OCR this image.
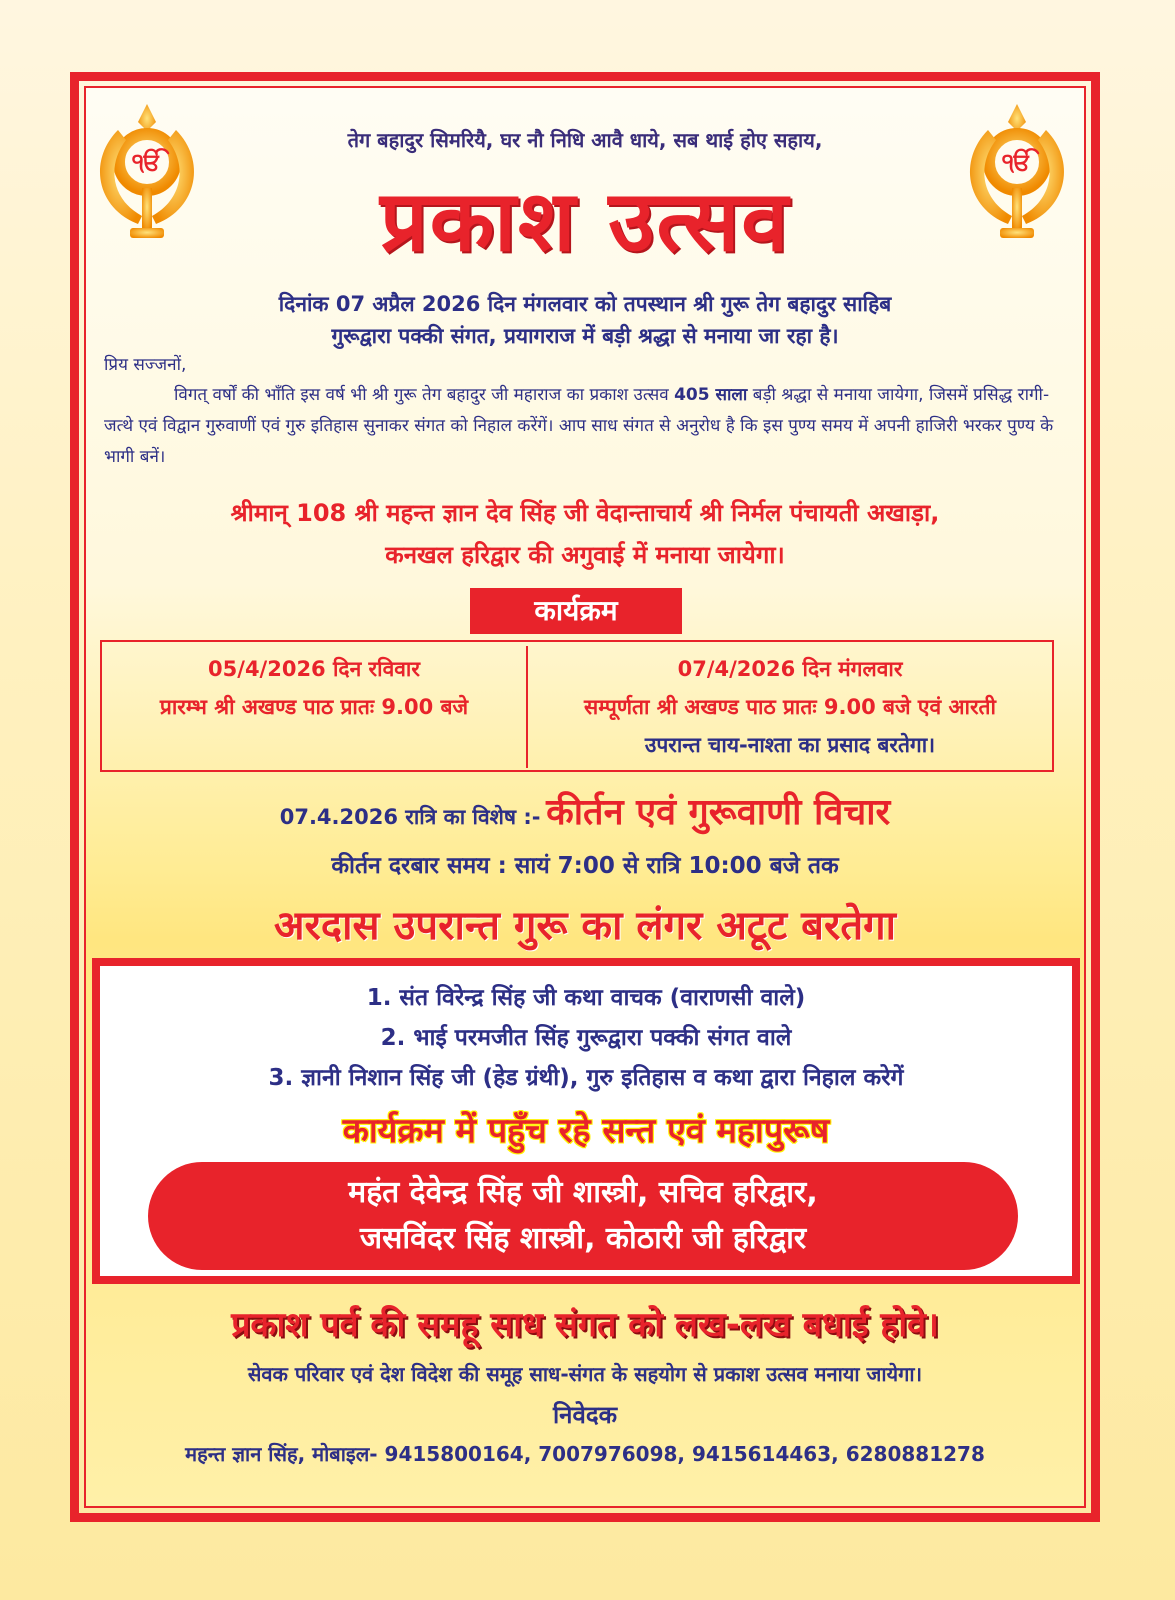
ੴ	ੴ
तेग बहादुर सिमरियै, घर नौ निधि आवै धाये, सब थाई होए सहाय,
प्रकाश उत्सव
दिनांक 07 अप्रैल 2026 दिन मंगलवार को तपस्थान श्री गुरू तेग बहादुर साहिब
गुरूद्वारा पक्की संगत, प्रयागराज में बड़ी श्रद्धा से मनाया जा रहा है।
प्रिय सज्जनों,
विगत् वर्षों की भाँति इस वर्ष भी श्री गुरू तेग बहादुर जी महाराज का प्रकाश उत्सव 405 साला बड़ी श्रद्धा से मनाया जायेगा, जिसमें प्रसिद्ध रागी-जत्थे एवं विद्वान गुरुवाणीं एवं गुरु इतिहास सुनाकर संगत को निहाल करेंगें। आप साध संगत से अनुरोध है कि इस पुण्य समय में अपनी हाजिरी भरकर पुण्य के भागी बनें।
श्रीमान् 108 श्री महन्त ज्ञान देव सिंह जी वेदान्ताचार्य श्री निर्मल पंचायती अखाड़ा,
कनखल हरिद्वार की अगुवाई में मनाया जायेगा।
कार्यक्रम
05/4/2026 दिन रविवार
प्रारम्भ श्री अखण्ड पाठ प्रातः 9.00 बजे
07/4/2026 दिन मंगलवार
सम्पूर्णता श्री अखण्ड पाठ प्रातः 9.00 बजे एवं आरती
उपरान्त चाय-नाश्ता का प्रसाद बरतेगा।
07.4.2026 रात्रि का विशेष :- कीर्तन एवं गुरूवाणी विचार
कीर्तन दरबार समय : सायं 7:00 से रात्रि 10:00 बजे तक
अरदास उपरान्त गुरू का लंगर अटूट बरतेगा
1. संत विरेन्द्र सिंह जी कथा वाचक (वाराणसी वाले)
2. भाई परमजीत सिंह गुरूद्वारा पक्की संगत वाले
3. ज्ञानी निशान सिंह जी (हेड ग्रंथी), गुरु इतिहास व कथा द्वारा निहाल करेगें
कार्यक्रम में पहुँच रहे सन्त एवं महापुरूष
महंत देवेन्द्र सिंह जी शास्त्री, सचिव हरिद्वार,
जसविंदर सिंह शास्त्री, कोठारी जी हरिद्वार
प्रकाश पर्व की समहू साध संगत को लख-लख बधाई होवे।
सेवक परिवार एवं देश विदेश की समूह साध-संगत के सहयोग से प्रकाश उत्सव मनाया जायेगा।
निवेदक
महन्त ज्ञान सिंह, मोबाइल- 9415800164, 7007976098, 9415614463, 6280881278
